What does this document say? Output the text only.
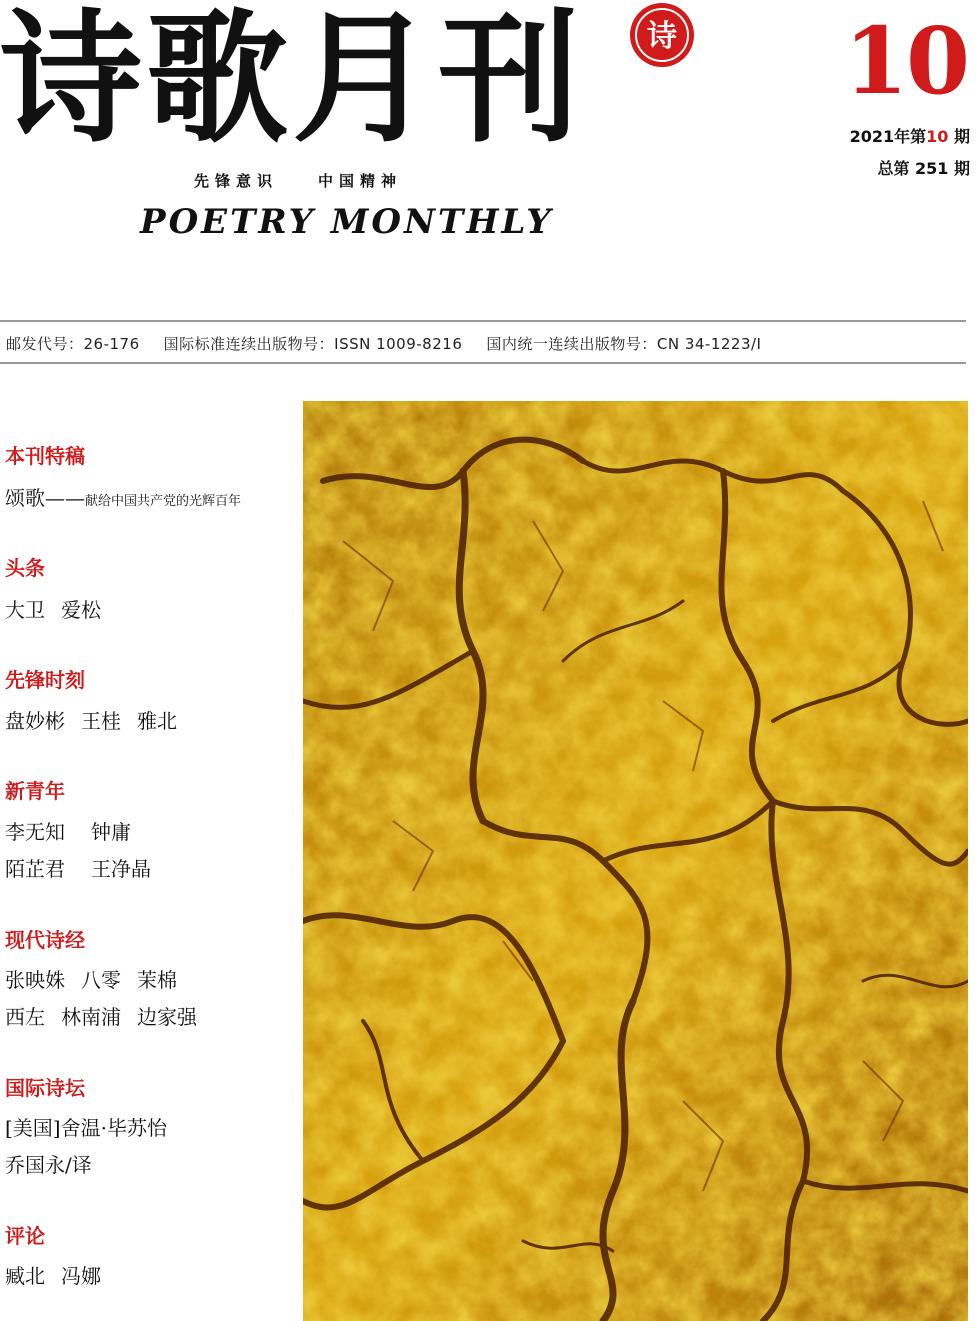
诗歌月刊 诗 10
2021年第10 期
总第 251 期
先锋意识	中国精神
POETRY MONTHLY
邮发代号：26-176 国际标准连续出版物号：ISSN 1009-8216 国内统一连续出版物号：CN 34-1223/I
本刊特稿
颂歌——献给中国共产党的光辉百年
头条
大卫 爱松
先锋时刻
盘妙彬 王桂 雅北
新青年
李无知 钟庸
陌芷君 王净晶
现代诗经
张映姝 八零 茉棉
西左 林南浦 边家强
国际诗坛
[美国]舍温·毕苏怡
乔国永/译
评论
臧北 冯娜
